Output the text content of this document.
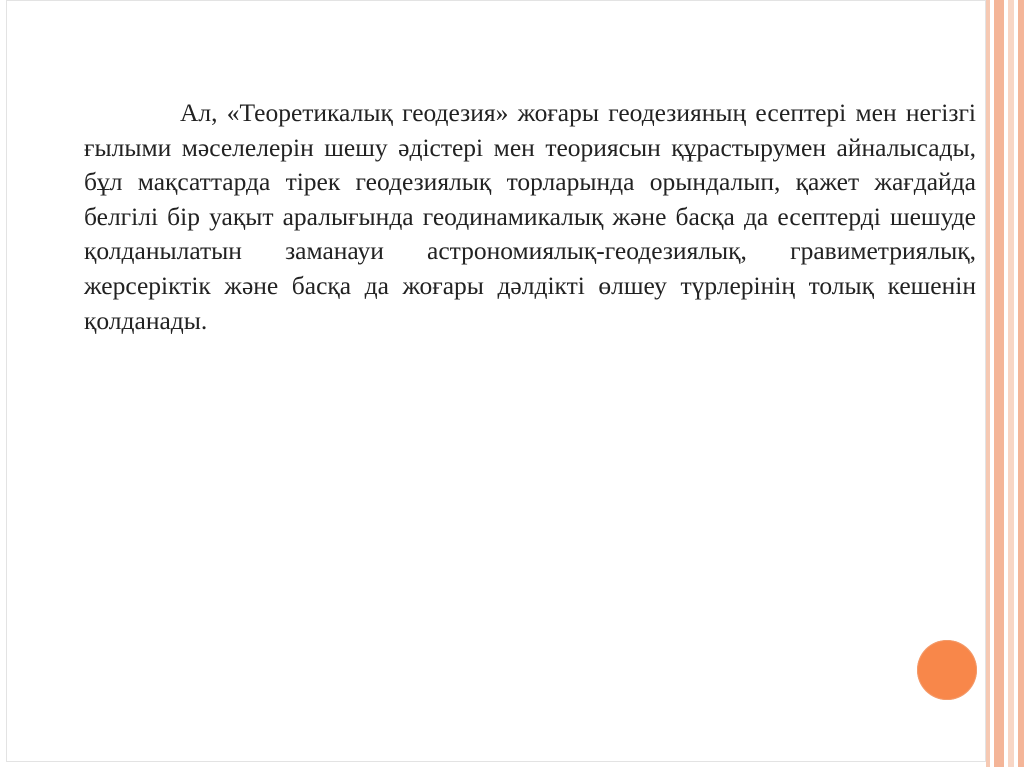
Ал, «Теоретикалық геодезия» жоғары геодезияның есептері мен негізгі ғылыми мәселелерін шешу әдістері мен теориясын құрастырумен айналысады, бұл мақсаттарда тірек геодезиялық торларында орындалып, қажет жағдайда белгілі бір уақыт аралығында геодинамикалық және басқа да есептерді шешуде қолданылатын заманауи астрономиялық-геодезиялық, гравиметриялық, жерсеріктік және басқа да жоғары дәлдікті өлшеу түрлерінің толық кешенін қолданады.
